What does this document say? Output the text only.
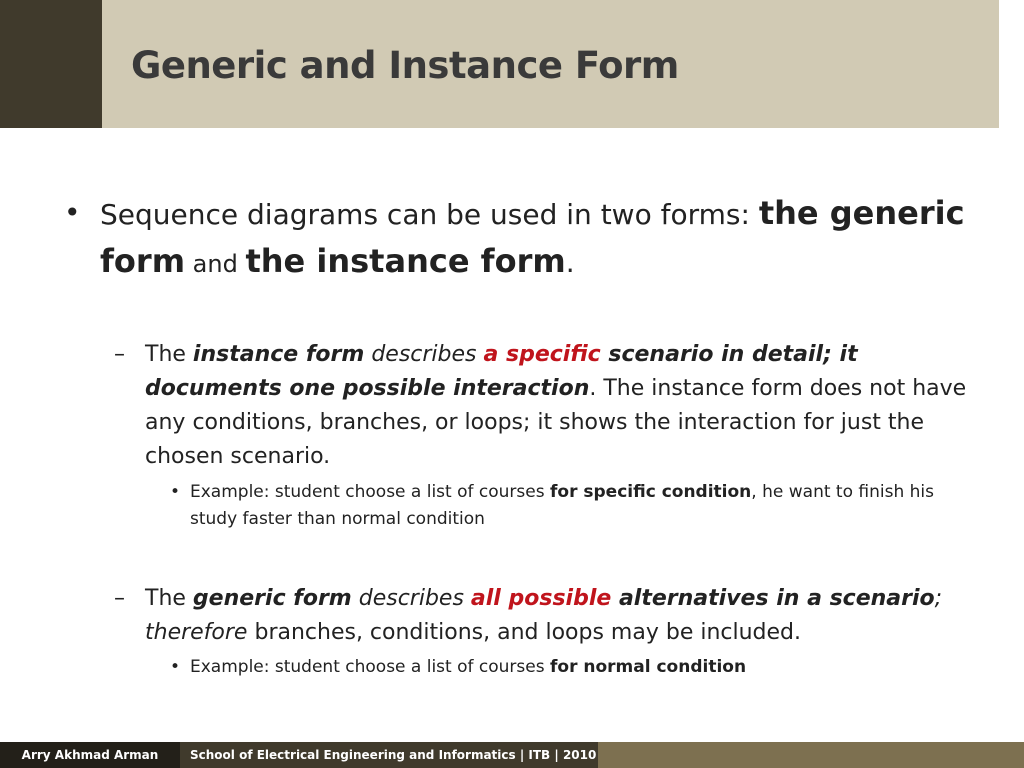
Generic and Instance Form
• Sequence diagrams can be used in two forms: the generic form and the instance form.
– The instance form describes a specific scenario in detail; it documents one possible interaction. The instance form does not have any conditions, branches, or loops; it shows the interaction for just the chosen scenario.
• Example: student choose a list of courses for specific condition, he want to finish his study faster than normal condition
– The generic form describes all possible alternatives in a scenario; therefore branches, conditions, and loops may be included.
• Example: student choose a list of courses for normal condition
Arry Akhmad Arman	School of Electrical Engineering and Informatics | ITB | 2010
